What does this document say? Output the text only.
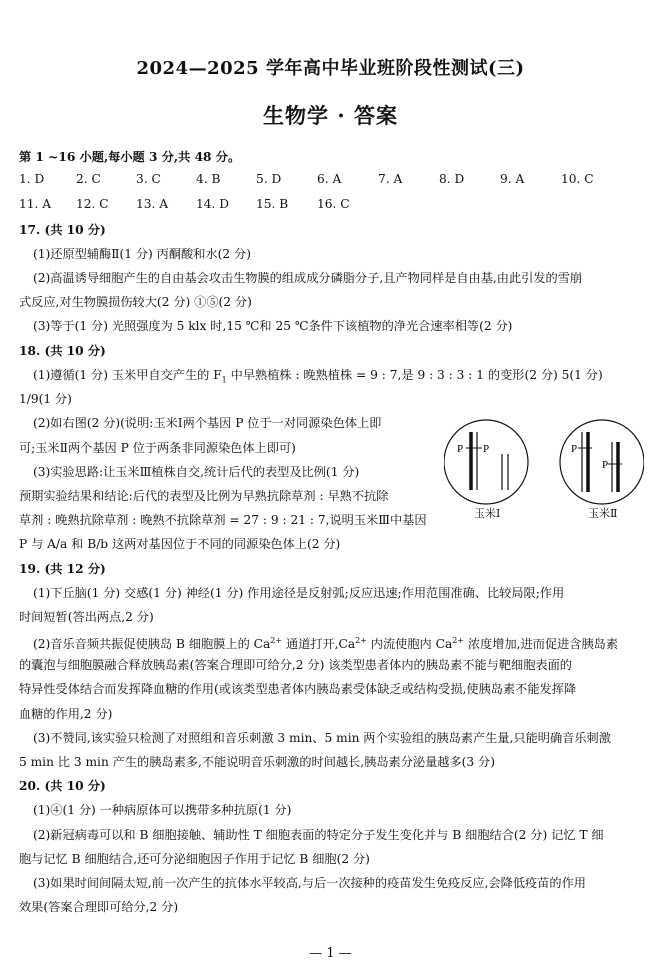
2024—2025 学年高中毕业班阶段性测试(三)
生物学 · 答案
第 1 ~16 小题,每小题 3 分,共 48 分。
1. D	2. C	3. C	4. B	5. D	6. A	7. A	8. D	9. A	10. C
11. A 12. C 13. A 14. D 15. B 16. C
17. (共 10 分)
(1)还原型辅酶Ⅱ(1 分) 丙酮酸和水(2 分)
(2)高温诱导细胞产生的自由基会攻击生物膜的组成成分磷脂分子,且产物同样是自由基,由此引发的雪崩
式反应,对生物膜损伤较大(2 分) ①⑤(2 分)
(3)等于(1 分) 光照强度为 5 klx 时,15 ℃和 25 ℃条件下该植物的净光合速率相等(2 分)
18. (共 10 分)
(1)遵循(1 分) 玉米甲自交产生的 $F_1$ 中早熟植株 : 晚熟植株 = 9 : 7,是 9 : 3 : 3 : 1 的变形(2 分) 5(1 分)
1/9(1 分)
(2)如右图(2 分)(说明:玉米Ⅰ两个基因 P 位于一对同源染色体上即
可;玉米Ⅱ两个基因 P 位于两条非同源染色体上即可)
(3)实验思路:让玉米Ⅲ植株自交,统计后代的表型及比例(1 分)
预期实验结果和结论:后代的表型及比例为早熟抗除草剂 : 早熟不抗除
草剂 : 晚熟抗除草剂 : 晚熟不抗除草剂 = 27 : 9 : 21 : 7,说明玉米Ⅲ中基因
P 与 A/a 和 B/b 这两对基因位于不同的同源染色体上(2 分)
P P	P
P
玉米Ⅰ	玉米Ⅱ
19. (共 12 分)
(1)下丘脑(1 分) 交感(1 分) 神经(1 分) 作用途径是反射弧;反应迅速;作用范围准确、比较局限;作用
时间短暂(答出两点,2 分)
(2)音乐音频共振促使胰岛 B 细胞膜上的 $Ca^{2+}$ 通道打开$,Ca^{2+}$ 内流使胞内 $Ca^{2+}$ 浓度增加,进而促进含胰岛素
的囊泡与细胞膜融合释放胰岛素(答案合理即可给分,2 分) 该类型患者体内的胰岛素不能与靶细胞表面的
特异性受体结合而发挥降血糖的作用(或该类型患者体内胰岛素受体缺乏或结构受损,使胰岛素不能发挥降
血糖的作用,2 分)
(3)不赞同,该实验只检测了对照组和音乐刺激 3 min、5 min 两个实验组的胰岛素产生量,只能明确音乐刺激
5 min 比 3 min 产生的胰岛素多,不能说明音乐刺激的时间越长,胰岛素分泌量越多(3 分)
20. (共 10 分)
(1)④(1 分) 一种病原体可以携带多种抗原(1 分)
(2)新冠病毒可以和 B 细胞接触、辅助性 T 细胞表面的特定分子发生变化并与 B 细胞结合(2 分) 记忆 T 细
胞与记忆 B 细胞结合,还可分泌细胞因子作用于记忆 B 细胞(2 分)
(3)如果时间间隔太短,前一次产生的抗体水平较高,与后一次接种的疫苗发生免疫反应,会降低疫苗的作用
效果(答案合理即可给分,2 分)
— 1 —
